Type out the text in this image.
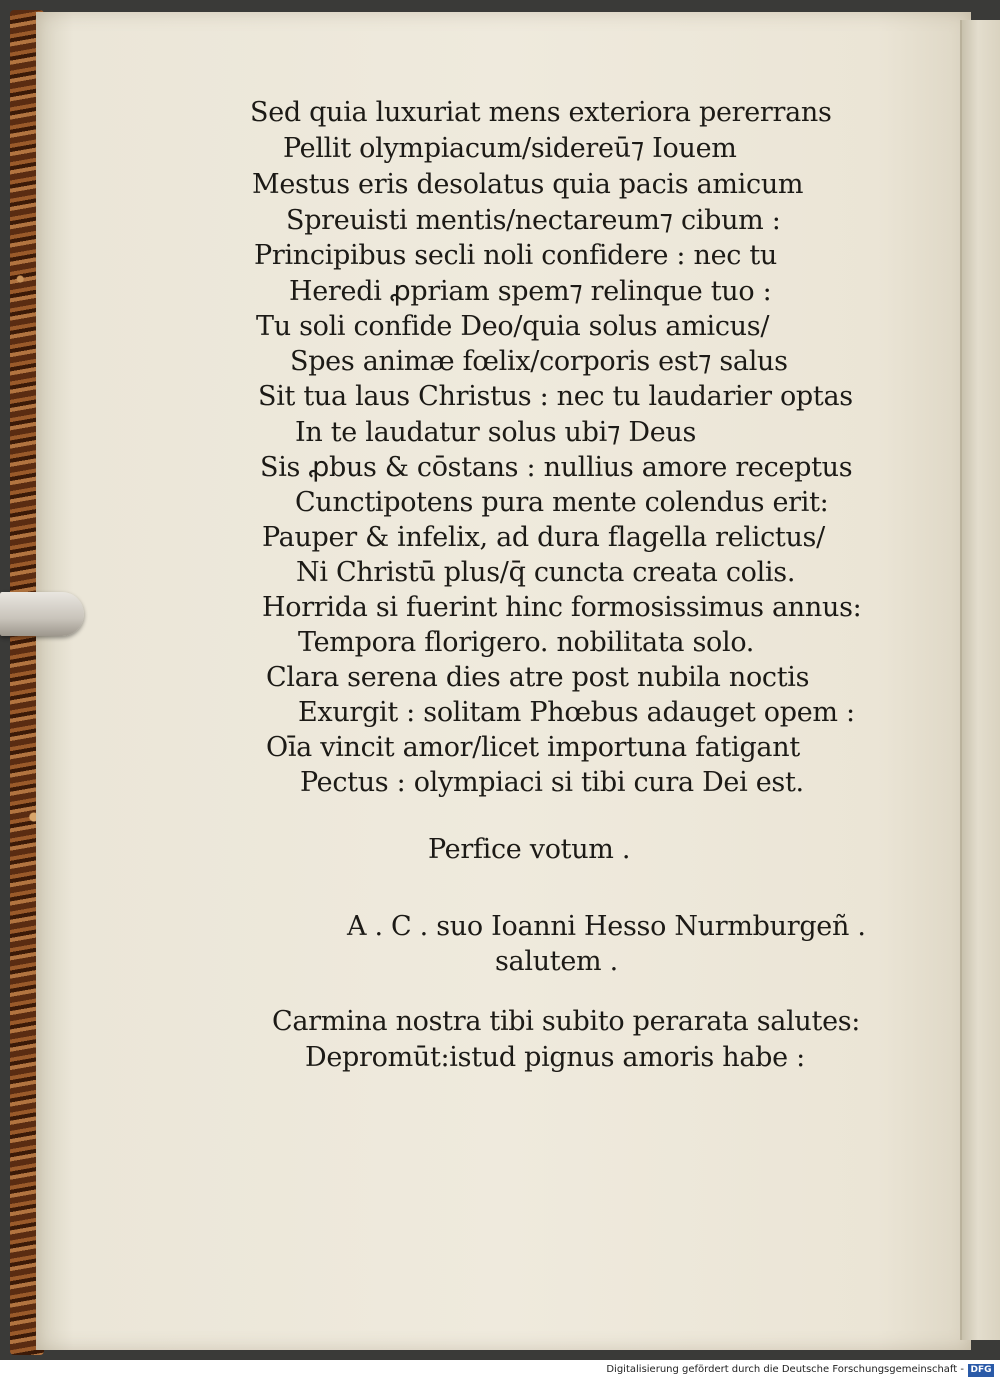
Sed quia luxuriat mens exteriora pererrans
Pellit olympiacum/sidereū⁊ Iouem
Mestus eris desolatus quia pacis amicum
Spreuisti mentis/nectareum⁊ cibum :
Principibus secli noli confidere : nec tu
Heredi ꝓpriam spem⁊ relinque tuo :
Tu soli confide Deo/quia solus amicus/
Spes animæ fœlix/corporis est⁊ salus
Sit tua laus Christus : nec tu laudarier optas
In te laudatur solus ubi⁊ Deus
Sis ꝓbus & cōstans : nullius amore receptus
Cunctipotens pura mente colendus erit:
Pauper & infelix, ad dura flagella relictus/
Ni Christū plus/q̄ cuncta creata colis.
Horrida si fuerint hinc formosissimus annus:
Tempora florigero. nobilitata solo.
Clara serena dies atre post nubila noctis
Exurgit : solitam Phœbus adauget opem :
Oīa vincit amor/licet importuna fatigant
Pectus : olympiaci si tibi cura Dei est.
Perfice votum .
A . C . suo Ioanni Hesso Nurmburgeñ .
salutem .
Carmina nostra tibi subito perarata salutes:
Depromūt:istud pignus amoris habe :
Digitalisierung gefördert durch die Deutsche Forschungsgemeinschaft - DFG
